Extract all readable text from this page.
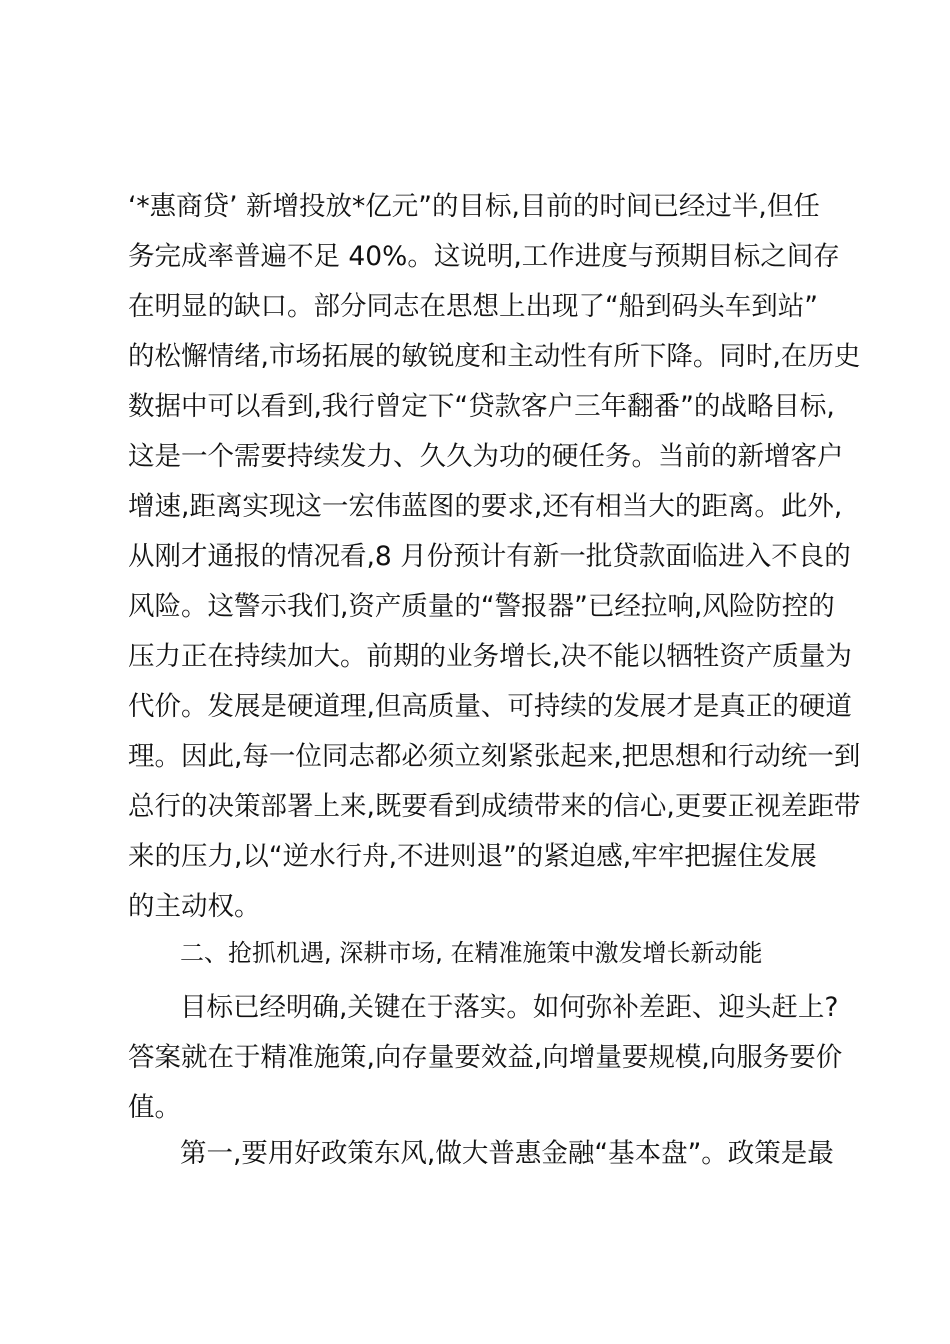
‘*惠商贷’ 新增投放*亿元”的目标,目前的时间已经过半,但任
务完成率普遍不足 40%。这说明,工作进度与预期目标之间存
在明显的缺口。部分同志在思想上出现了“船到码头车到站”
的松懈情绪,市场拓展的敏锐度和主动性有所下降。同时,在历史
数据中可以看到,我行曾定下“贷款客户三年翻番”的战略目标,
这是一个需要持续发力、久久为功的硬任务。当前的新增客户
增速,距离实现这一宏伟蓝图的要求,还有相当大的距离。此外,
从刚才通报的情况看,8 月份预计有新一批贷款面临进入不良的
风险。这警示我们,资产质量的“警报器”已经拉响,风险防控的
压力正在持续加大。前期的业务增长,决不能以牺牲资产质量为
代价。发展是硬道理,但高质量、可持续的发展才是真正的硬道
理。因此,每一位同志都必须立刻紧张起来,把思想和行动统一到
总行的决策部署上来,既要看到成绩带来的信心,更要正视差距带
来的压力,以“逆水行舟,不进则退”的紧迫感,牢牢把握住发展
的主动权。
二、抢抓机遇, 深耕市场, 在精准施策中激发增长新动能
目标已经明确,关键在于落实。如何弥补差距、迎头赶上?
答案就在于精准施策,向存量要效益,向增量要规模,向服务要价
值。
第一,要用好政策东风,做大普惠金融“基本盘”。政策是最
